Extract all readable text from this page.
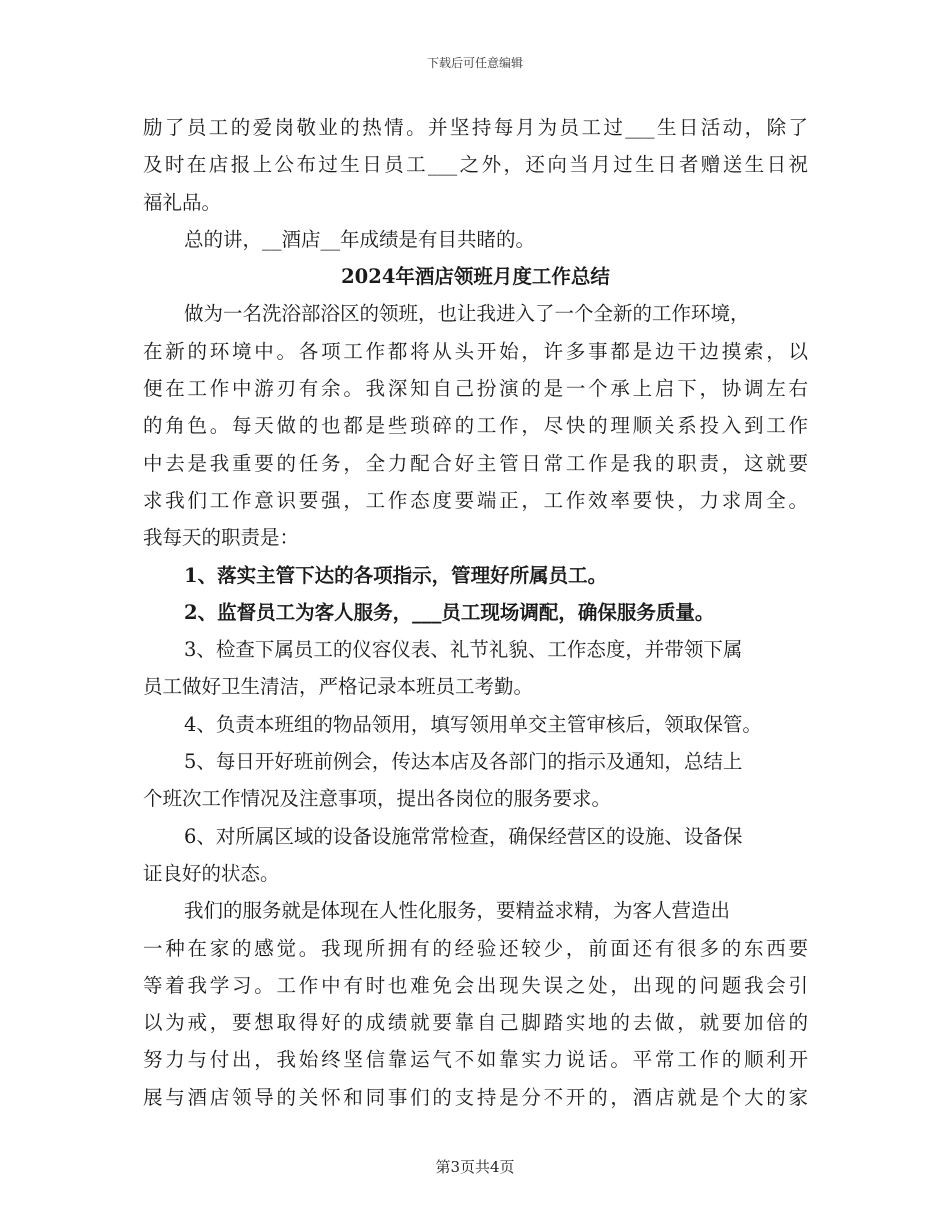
下载后可任意编辑
励了员工的爱岗敬业的热情。并坚持每月为员工过___生日活动，除了
及时在店报上公布过生日员工___之外，还向当月过生日者赠送生日祝
福礼品。
总的讲，__酒店__年成绩是有目共睹的。
2024年酒店领班月度工作总结
做为一名洗浴部浴区的领班，也让我进入了一个全新的工作环境，
在新的环境中。各项工作都将从头开始，许多事都是边干边摸索，以
便在工作中游刃有余。我深知自己扮演的是一个承上启下，协调左右
的角色。每天做的也都是些琐碎的工作，尽快的理顺关系投入到工作
中去是我重要的任务，全力配合好主管日常工作是我的职责，这就要
求我们工作意识要强，工作态度要端正，工作效率要快，力求周全。
我每天的职责是：
1、落实主管下达的各项指示，管理好所属员工。
2、监督员工为客人服务，___员工现场调配，确保服务质量。
3、检查下属员工的仪容仪表、礼节礼貌、工作态度，并带领下属
员工做好卫生清洁，严格记录本班员工考勤。
4、负责本班组的物品领用，填写领用单交主管审核后，领取保管。
5、每日开好班前例会，传达本店及各部门的指示及通知，总结上
个班次工作情况及注意事项，提出各岗位的服务要求。
6、对所属区域的设备设施常常检查，确保经营区的设施、设备保
证良好的状态。
我们的服务就是体现在人性化服务，要精益求精，为客人营造出
一种在家的感觉。我现所拥有的经验还较少，前面还有很多的东西要
等着我学习。工作中有时也难免会出现失误之处，出现的问题我会引
以为戒，要想取得好的成绩就要靠自己脚踏实地的去做，就要加倍的
努力与付出，我始终坚信靠运气不如靠实力说话。平常工作的顺利开
展与酒店领导的关怀和同事们的支持是分不开的，酒店就是个大的家
第3页共4页
